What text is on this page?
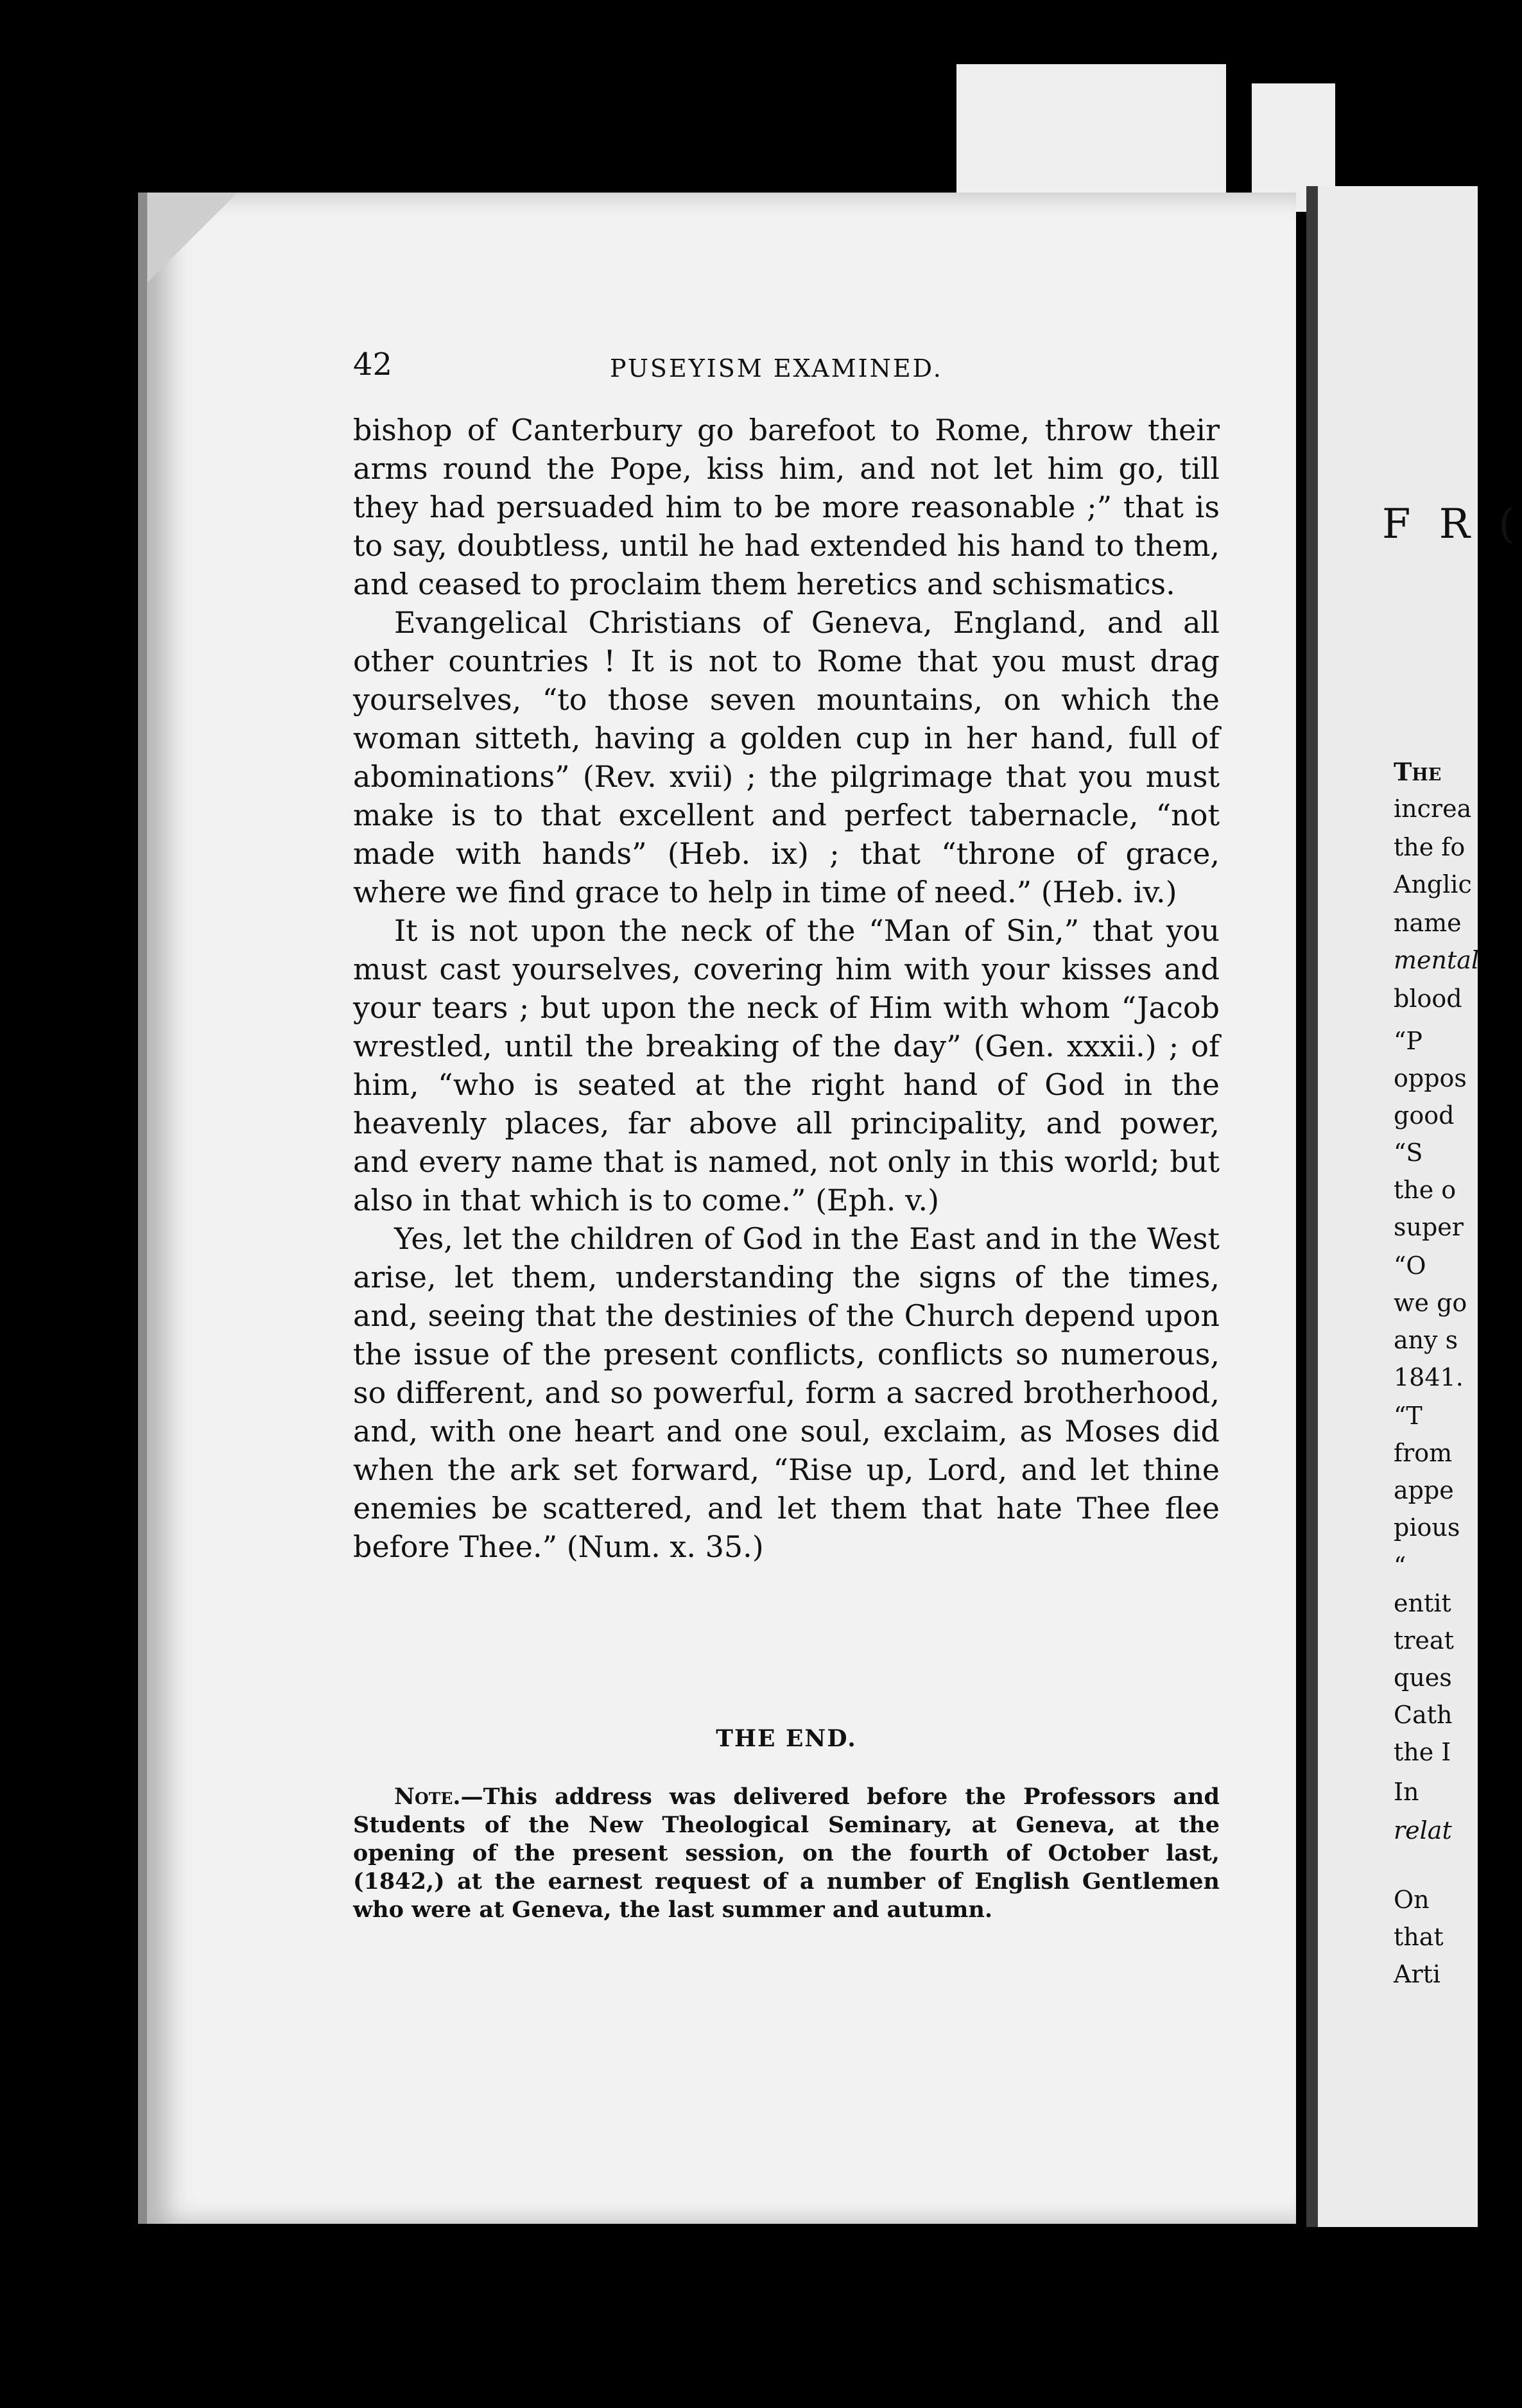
F R (
The
increa
the fo
Anglic
name
mental
blood
“P
oppos
good
“S
the o
super
“O
we go
any s
1841.
“T
from
appe
pious
“
entit
treat
ques
Cath
the I
In
relat
On
that
Arti
42	PUSEYISM EXAMINED.

bishop of Canterbury go barefoot to Rome, throw their arms round the Pope, kiss him, and not let him go, till they had persuaded him to be more reasonable ;” that is to say, doubtless, until he had extended his hand to them, and ceased to proclaim them heretics and schismatics.

Evangelical Christians of Geneva, England, and all other countries ! It is not to Rome that you must drag yourselves, “to those seven mountains, on which the woman sitteth, having a golden cup in her hand, full of abominations” (Rev. xvii) ; the pilgrimage that you must make is to that excellent and perfect tabernacle, “not made with hands” (Heb. ix) ; that “throne of grace, where we find grace to help in time of need.” (Heb. iv.)

It is not upon the neck of the “Man of Sin,” that you must cast yourselves, covering him with your kisses and your tears ; but upon the neck of Him with whom “Jacob wrestled, until the breaking of the day” (Gen. xxxii.) ; of him, “who is seated at the right hand of God in the heavenly places, far above all principality, and power, and every name that is named, not only in this world; but also in that which is to come.” (Eph. v.)

Yes, let the children of God in the East and in the West arise, let them, understanding the signs of the times, and, seeing that the destinies of the Church depend upon the issue of the present conflicts, conflicts so numerous, so different, and so powerful, form a sacred brotherhood, and, with one heart and one soul, exclaim, as Moses did when the ark set forward, “Rise up, Lord, and let thine enemies be scattered, and let them that hate Thee flee before Thee.” (Num. x. 35.)

THE END.
Note.—This address was delivered before the Professors and Students of the New Theological Seminary, at Geneva, at the opening of the present session, on the fourth of October last, (1842,) at the earnest request of a number of English Gentlemen who were at Geneva, the last summer and autumn.
